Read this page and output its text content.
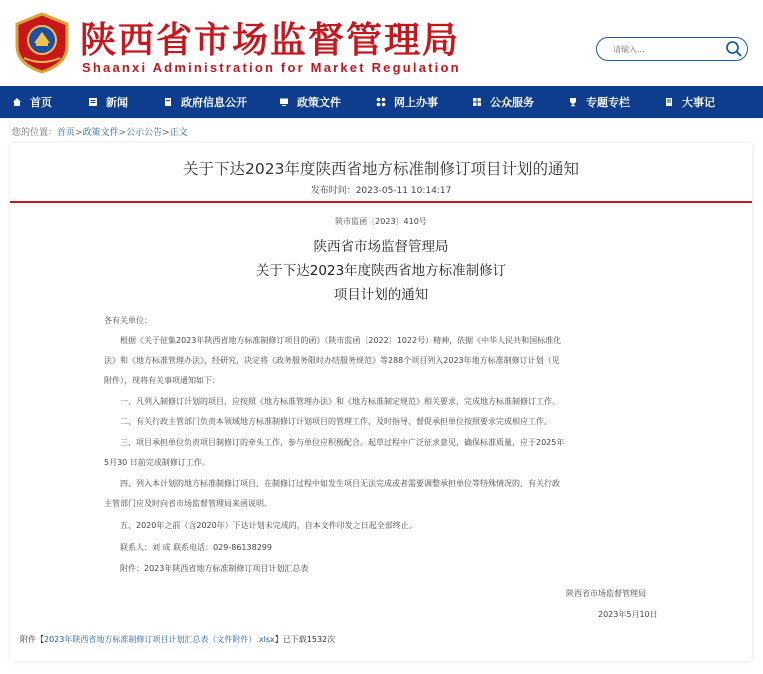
陕西省市场监督管理局
Shaanxi Administration for Market Regulation
请输入...
首页	新闻	政府信息公开	政策文件	网上办事	公众服务	专题专栏	大事记
您的位置：首页>政策文件>公示公告>正文
关于下达2023年度陕西省地方标准制修订项目计划的通知
发布时间：2023-05-11 10:14:17
陕市监函〔2023〕410号
陕西省市场监督管理局
关于下达2023年度陕西省地方标准制修订
项目计划的通知
各有关单位：
根据《关于征集2023年陕西省地方标准制修订项目的函》（陕市监函〔2022〕1022号）精神，依据《中华人民共和国标准化
法》和《地方标准管理办法》，经研究，决定将《政务服务限时办结服务规范》等288个项目列入2023年地方标准制修订计划（见
附件），现将有关事项通知如下：
一、凡列入制修订计划的项目，应按照《地方标准管理办法》和《地方标准制定规范》相关要求，完成地方标准制修订工作。
二、有关行政主管部门负责本领域地方标准制修订计划项目的管理工作，及时指导、督促承担单位按照要求完成相应工作。
三、项目承担单位负责项目制修订的牵头工作，参与单位应积极配合。起草过程中广泛征求意见，确保标准质量，应于2025年
5月30 日前完成制修订工作。
四、列入本计划的地方标准制修订项目，在制修订过程中如发生项目无法完成或者需要调整承担单位等特殊情况的，有关行政
主管部门应及时向省市场监督管理局来函说明。
五、2020年之前（含2020年）下达计划未完成的，自本文件印发之日起全部终止。
联系人：刘 成 联系电话：029-86138299
附件：2023年陕西省地方标准制修订项目计划汇总表
陕西省市场监督管理局
2023年5月10日
附件【2023年陕西省地方标准制修订项目计划汇总表（文件附件）.xlsx】已下载1532次
